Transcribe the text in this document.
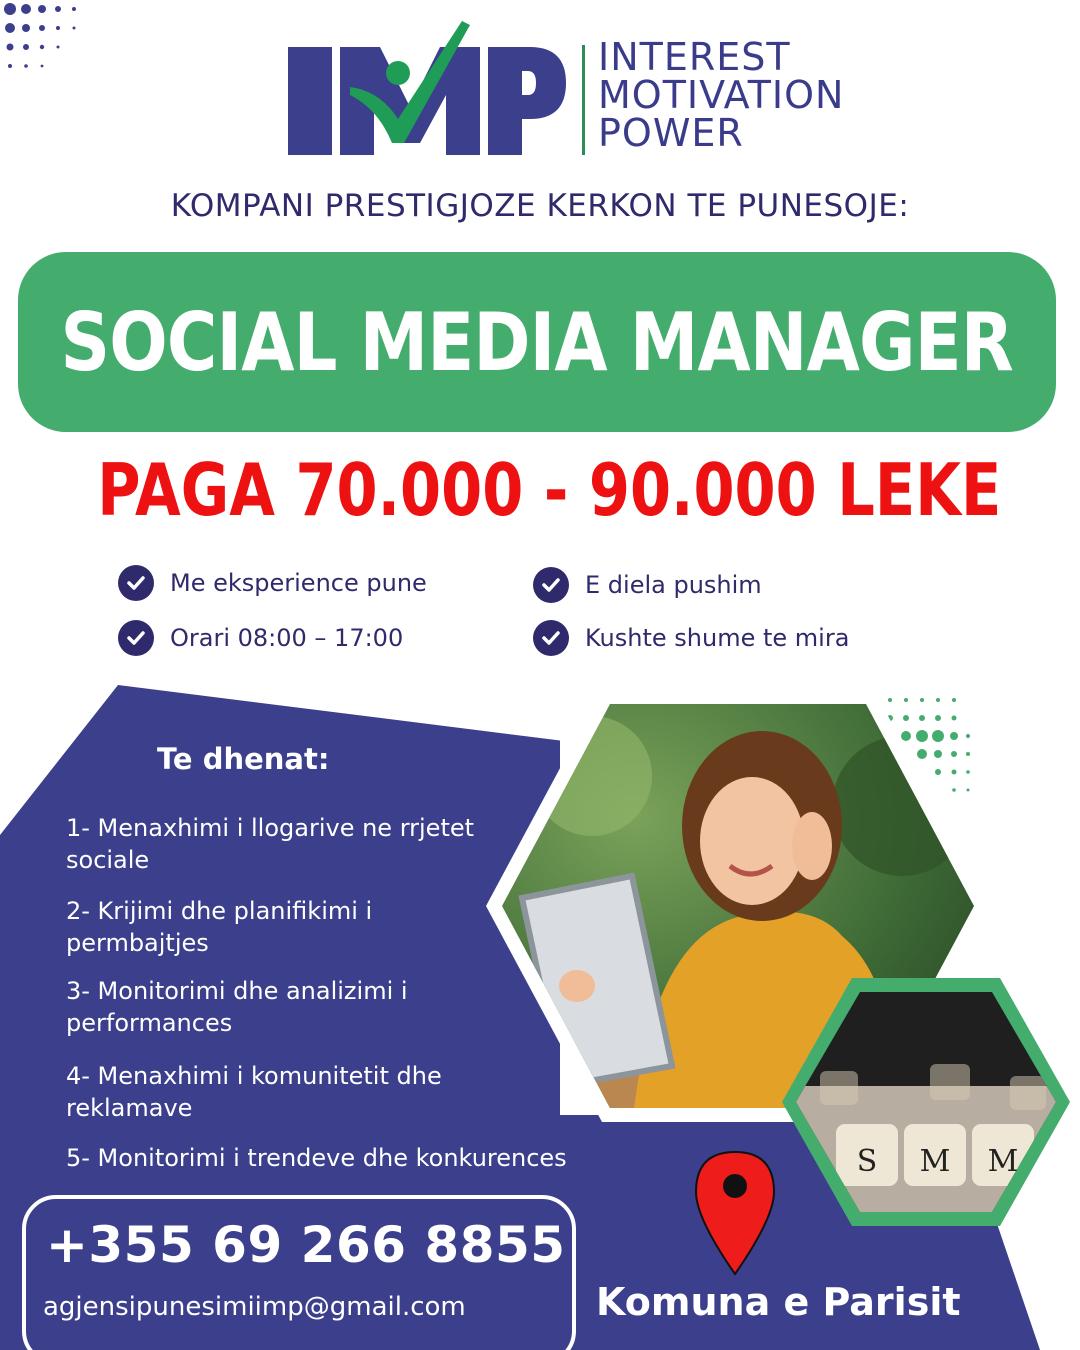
INTEREST
MOTIVATION
POWER
KOMPANI PRESTIGJOZE KERKON TE PUNESOJE:
SOCIAL MEDIA MANAGER
PAGA 70.000 - 90.000 LEKE
Me eksperience pune	E diela pushim
Orari 08:00 – 17:00	Kushte shume te mira
Te dhenat:
1- Menaxhimi i llogarive ne rrjetet sociale
2- Krijimi dhe planifikimi i permbajtjes
3- Monitorimi dhe analizimi i performances
4- Menaxhimi i komunitetit dhe reklamave
5- Monitorimi i trendeve dhe konkurences	S	M	M
+355 69 266 8855
agjensipunesimiimp@gmail.com	Komuna e Parisit
